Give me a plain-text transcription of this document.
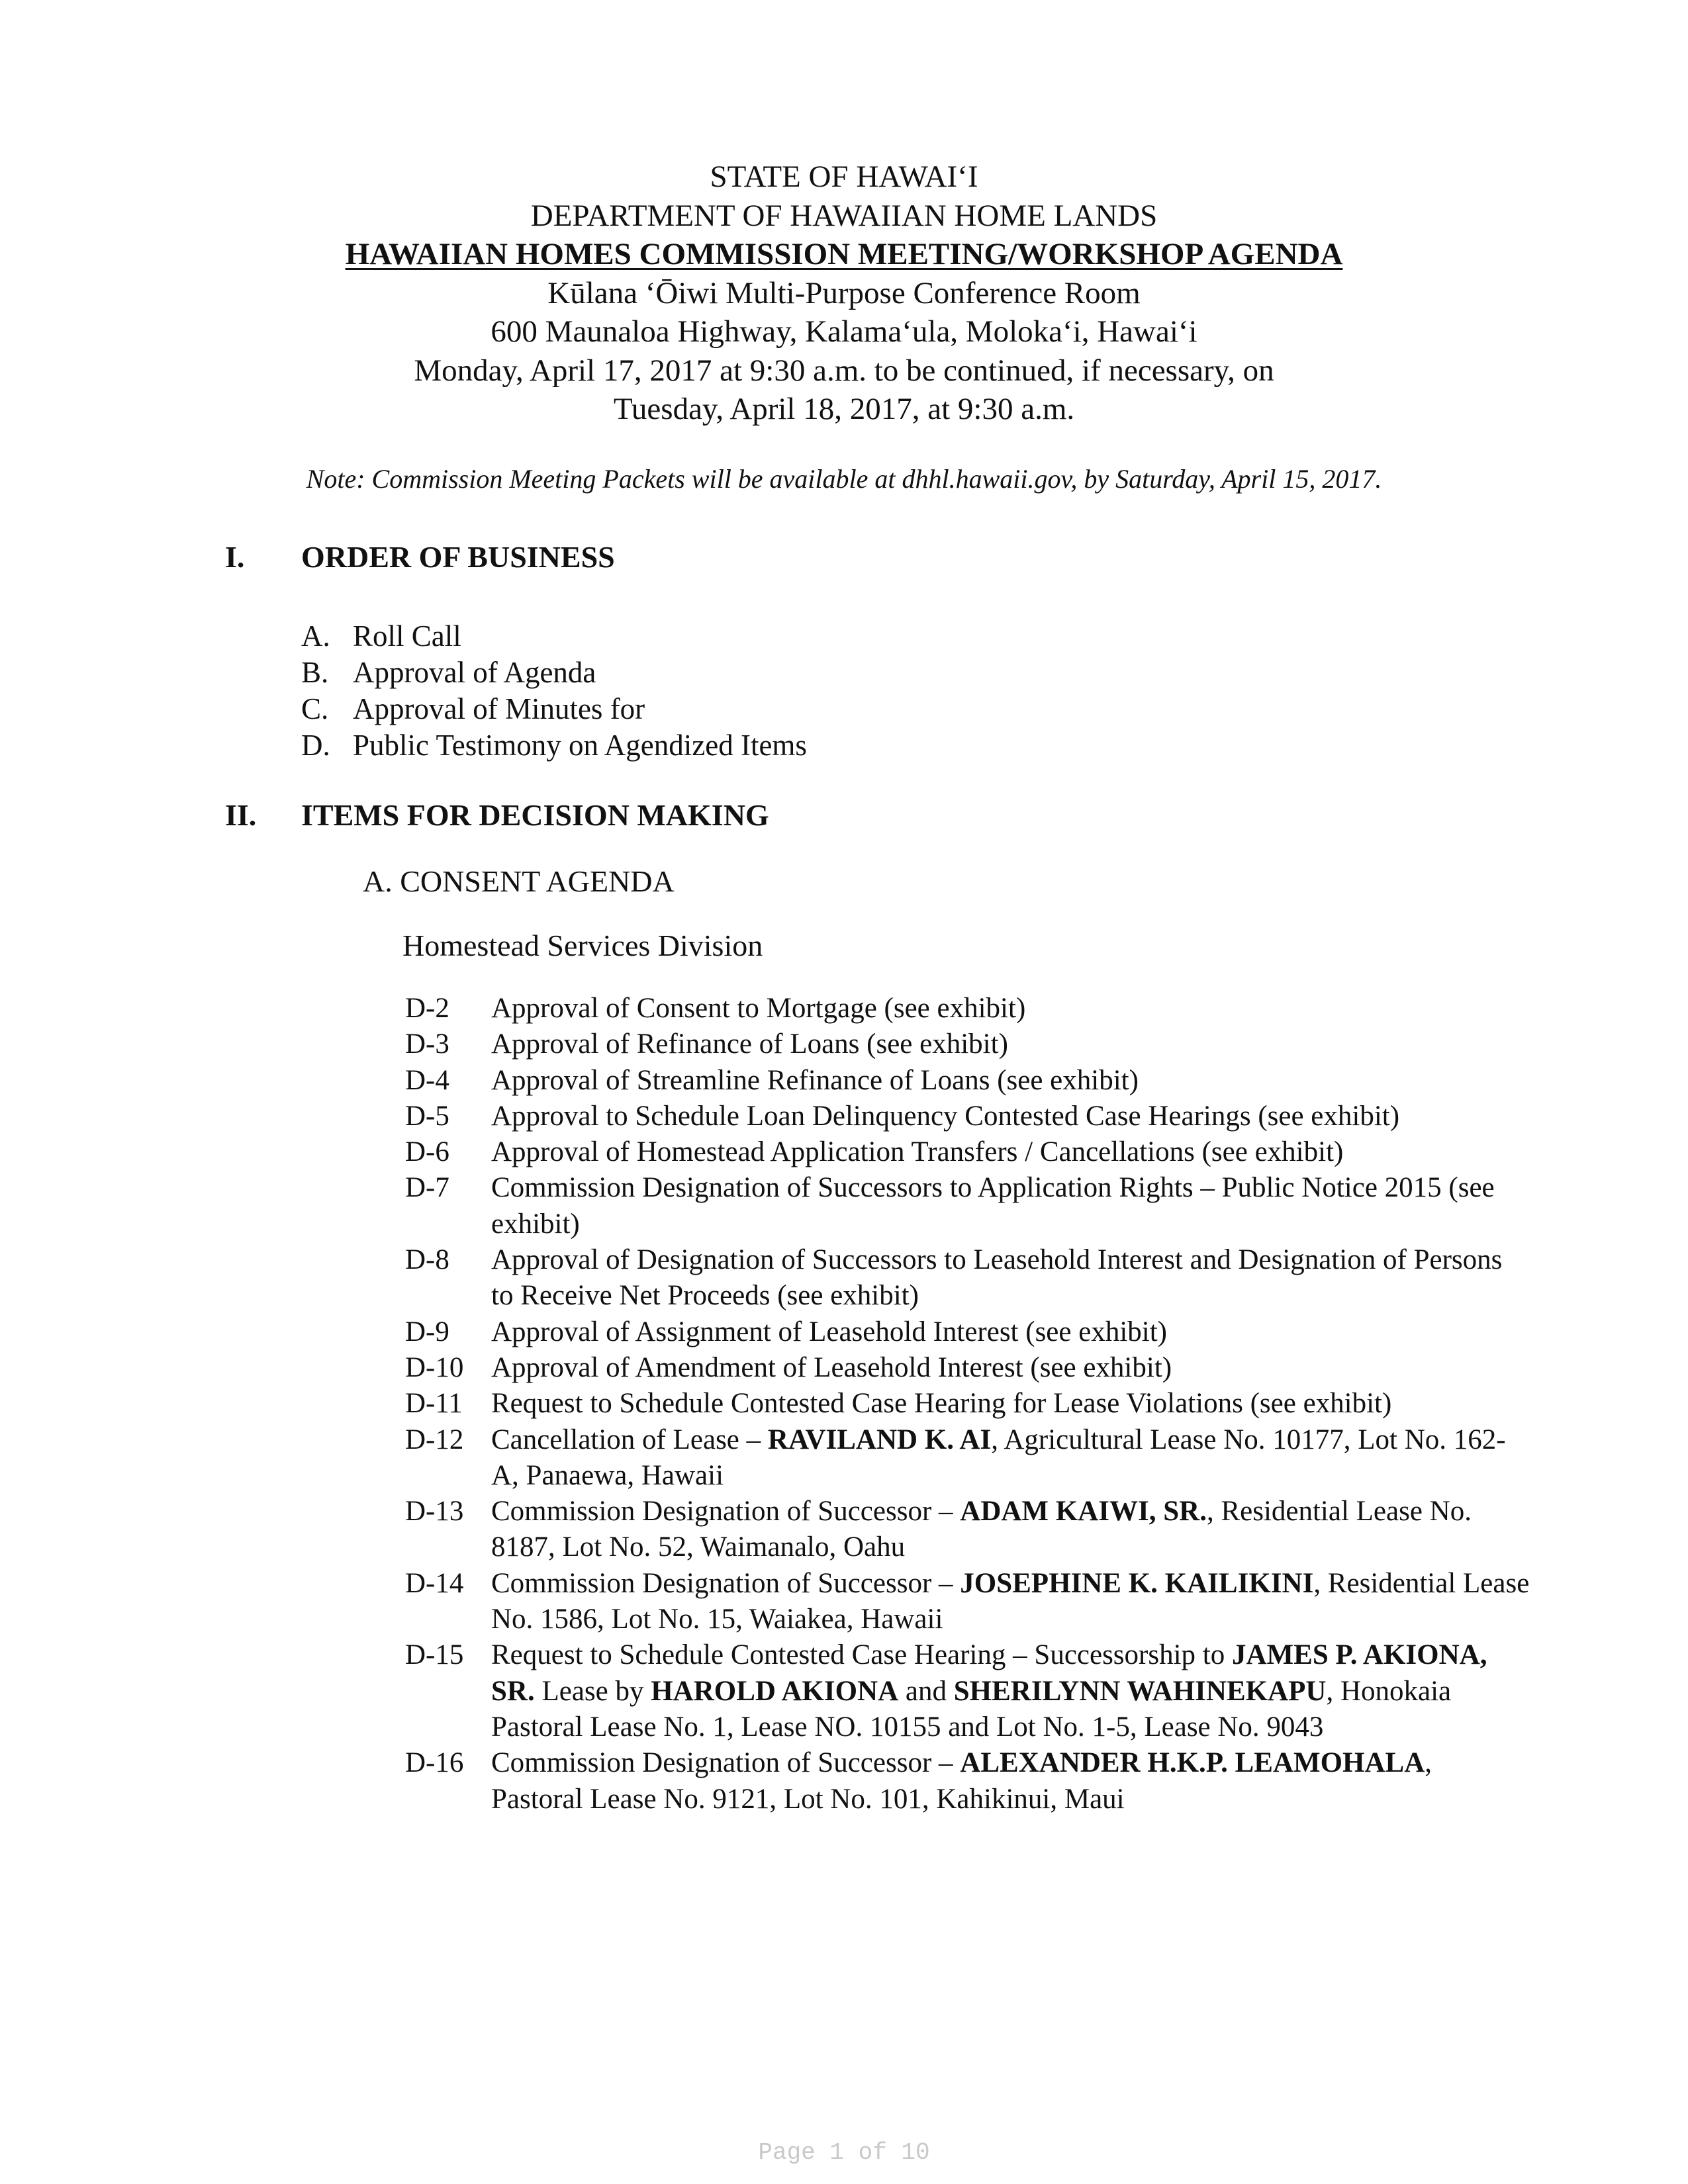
STATE OF HAWAI‘I
DEPARTMENT OF HAWAIIAN HOME LANDS
HAWAIIAN HOMES COMMISSION MEETING/WORKSHOP AGENDA
Kūlana ‘Ōiwi Multi-Purpose Conference Room
600 Maunaloa Highway, Kalama‘ula, Moloka‘i, Hawai‘i
Monday, April 17, 2017 at 9:30 a.m. to be continued, if necessary, on
Tuesday, April 18, 2017, at 9:30 a.m.
Note: Commission Meeting Packets will be available at dhhl.hawaii.gov, by Saturday, April 15, 2017.
I. ORDER OF BUSINESS
A. Roll Call
B. Approval of Agenda
C. Approval of Minutes for
D. Public Testimony on Agendized Items
II. ITEMS FOR DECISION MAKING
A. CONSENT AGENDA
Homestead Services Division
D-2	Approval of Consent to Mortgage (see exhibit)
D-3	Approval of Refinance of Loans (see exhibit)
D-4	Approval of Streamline Refinance of Loans (see exhibit)
D-5	Approval to Schedule Loan Delinquency Contested Case Hearings (see exhibit)
D-6	Approval of Homestead Application Transfers / Cancellations (see exhibit)
D-7	Commission Designation of Successors to Application Rights – Public Notice 2015 (see exhibit)
D-8	Approval of Designation of Successors to Leasehold Interest and Designation of Persons to Receive Net Proceeds (see exhibit)
D-9	Approval of Assignment of Leasehold Interest (see exhibit)
D-10 Approval of Amendment of Leasehold Interest (see exhibit)
D-11	Request to Schedule Contested Case Hearing for Lease Violations (see exhibit)
D-12 Cancellation of Lease – RAVILAND K. AI, Agricultural Lease No. 10177, Lot No. 162-A, Panaewa, Hawaii
D-13 Commission Designation of Successor – ADAM KAIWI, SR., Residential Lease No. 8187, Lot No. 52, Waimanalo, Oahu
D-14 Commission Designation of Successor – JOSEPHINE K. KAILIKINI, Residential Lease No. 1586, Lot No. 15, Waiakea, Hawaii
D-15 Request to Schedule Contested Case Hearing – Successorship to JAMES P. AKIONA, SR. Lease by HAROLD AKIONA and SHERILYNN WAHINEKAPU, Honokaia Pastoral Lease No. 1, Lease NO. 10155 and Lot No. 1-5, Lease No. 9043
D-16 Commission Designation of Successor – ALEXANDER H.K.P. LEAMOHALA, Pastoral Lease No. 9121, Lot No. 101, Kahikinui, Maui
Page 1 of 10
